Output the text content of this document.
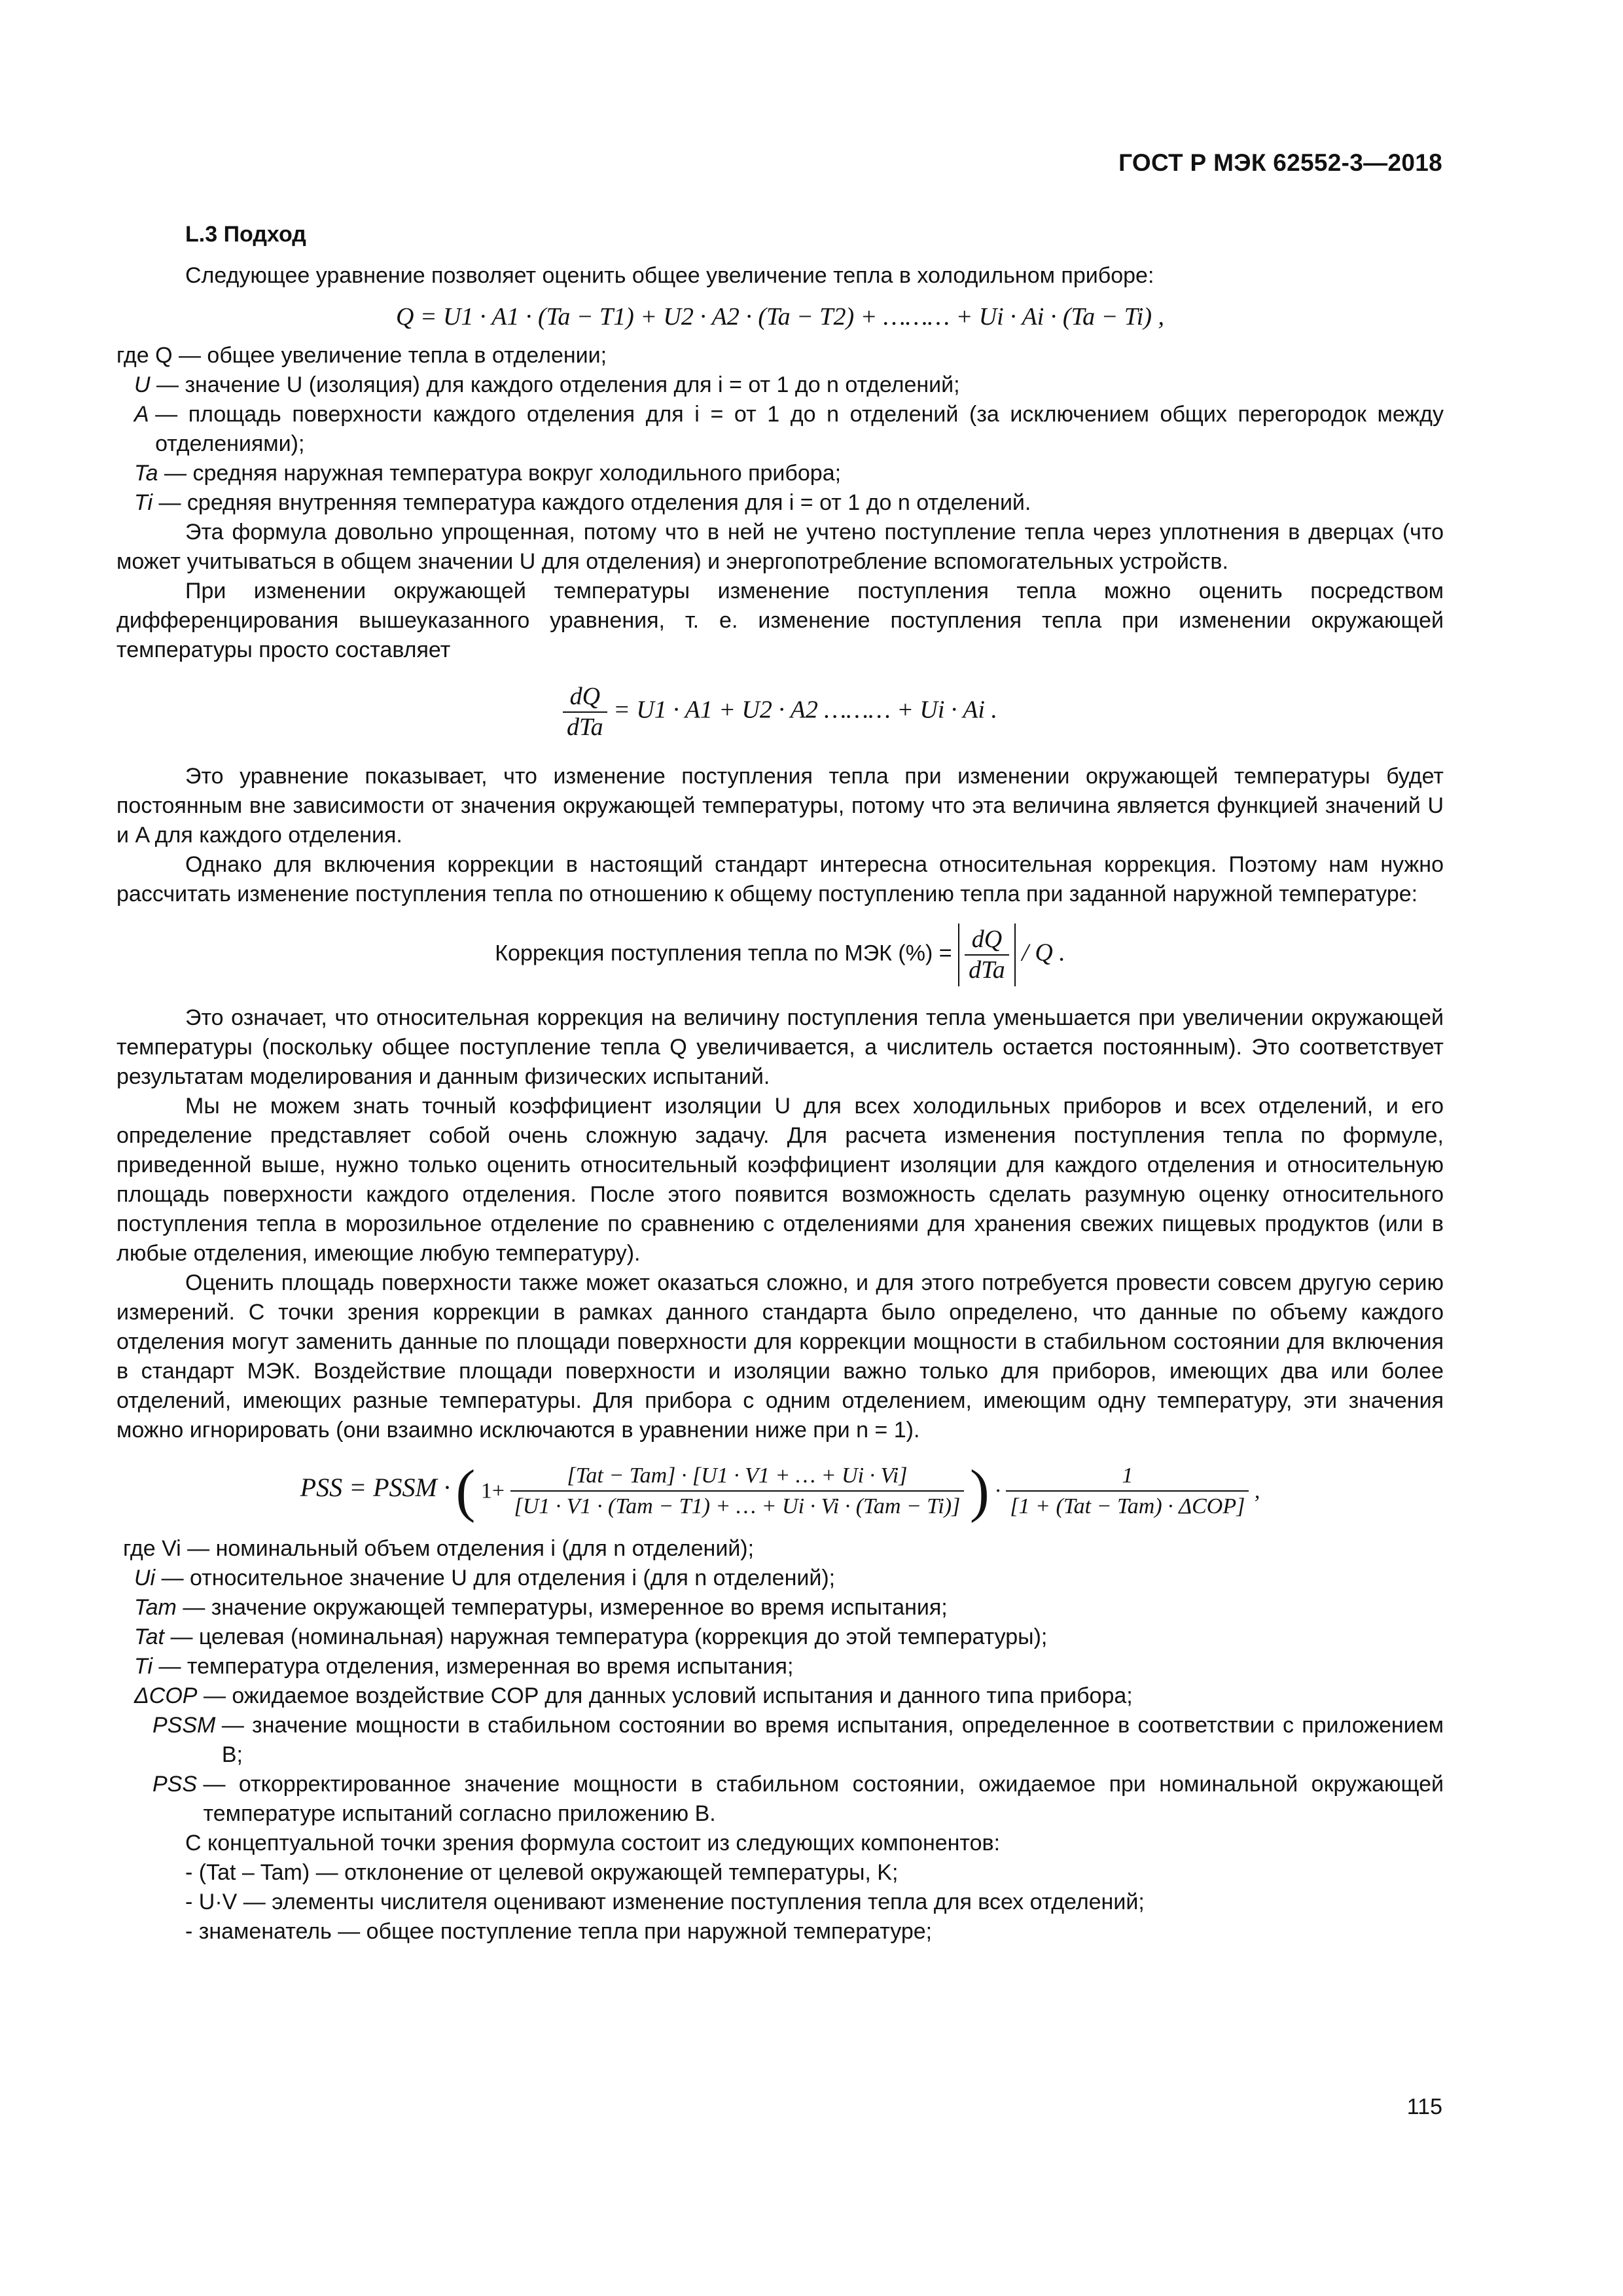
ГОСТ Р МЭК 62552-3—2018

L.3 Подход

Следующее уравнение позволяет оценить общее увеличение тепла в холодильном приборе:

Q = U1 · A1 · (Ta − T1) + U2 · A2 · (Ta − T2) + ……… + Ui · Ai · (Ta − Ti) ,
где Q
— общее увеличение тепла в отделении;
U
— значение U (изоляция) для каждого отделения для i = от 1 до n отделений;
A
— площадь поверхности каждого отделения для i = от 1 до n отделений (за исключением общих перегородок между отделениями);
Ta
— средняя наружная температура вокруг холодильного прибора;
Ti
— средняя внутренняя температура каждого отделения для i = от 1 до n отделений.

Эта формула довольно упрощенная, потому что в ней не учтено поступление тепла через уплотнения в дверцах (что может учитываться в общем значении U для отделения) и энергопотребление вспомогательных устройств.

При изменении окружающей температуры изменение поступления тепла можно оценить посредством дифференцирования вышеуказанного уравнения, т. е. изменение поступления тепла при изменении окружающей температуры просто составляет

$\frac{dQ}{\text{dTa}} = U1 \cdot A1 + U2 \cdot A2$ ……… + Ui · Ai .

Это уравнение показывает, что изменение поступления тепла при изменении окружающей температуры будет постоянным вне зависимости от значения окружающей температуры, потому что эта величина является функцией значений U и A для каждого отделения.

Однако для включения коррекции в настоящий стандарт интересна относительная коррекция. Поэтому нам нужно рассчитать изменение поступления тепла по отношению к общему поступлению тепла при заданной наружной температуре:

Коррекция поступления тепла по МЭК (%) = $\frac{dQ}{\text{dTa}}$ / Q .

Это означает, что относительная коррекция на величину поступления тепла уменьшается при увеличении окружающей температуры (поскольку общее поступление тепла Q увеличивается, а числитель остается постоянным). Это соответствует результатам моделирования и данным физических испытаний.

Мы не можем знать точный коэффициент изоляции U для всех холодильных приборов и всех отделений, и его определение представляет собой очень сложную задачу. Для расчета изменения поступления тепла по формуле, приведенной выше, нужно только оценить относительный коэффициент изоляции для каждого отделения и относительную площадь поверхности каждого отделения. После этого появится возможность сделать разумную оценку относительного поступления тепла в морозильное отделение по сравнению с отделениями для хранения свежих пищевых продуктов (или в любые отделения, имеющие любую температуру).

Оценить площадь поверхности также может оказаться сложно, и для этого потребуется провести совсем другую серию измерений. С точки зрения коррекции в рамках данного стандарта было определено, что данные по объему каждого отделения могут заменить данные по площади поверхности для коррекции мощности в стабильном состоянии для включения в стандарт МЭК. Воздействие площади поверхности и изоляции важно только для приборов, имеющих два или более отделений, имеющих разные температуры. Для прибора с одним отделением, имеющим одну температуру, эти значения можно игнорировать (они взаимно исключаются в уравнении ниже при n = 1).

PSS = PSSM · ( $1+ \frac{\text{[Tat − Tam] · [U1 · V1 + … + Ui · Vi]}}{\text{[U1 · V1 · (Tam − T1) + … + Ui · Vi · (Tam − Ti)]}}$ ) · $\frac{1}{\text{[1 + (Tat − Tam) · ΔCOP]}}$ ,
где Vi
— номинальный объем отделения i (для n отделений);
Ui
— относительное значение U для отделения i (для n отделений);
Tam
— значение окружающей температуры, измеренное во время испытания;
Tat
— целевая (номинальная) наружная температура (коррекция до этой температуры);
Ti
— температура отделения, измеренная во время испытания;
ΔCOP
— ожидаемое воздействие COP для данных условий испытания и данного типа прибора;
PSSM
— значение мощности в стабильном состоянии во время испытания, определенное в соответствии с приложением B;
PSS
— откорректированное значение мощности в стабильном состоянии, ожидаемое при номинальной окружающей температуре испытаний согласно приложению B.

С концептуальной точки зрения формула состоит из следующих компонентов:

- (Tat – Tam) — отклонение от целевой окружающей температуры, K;

- U·V — элементы числителя оценивают изменение поступления тепла для всех отделений;

- знаменатель — общее поступление тепла при наружной температуре;

115
